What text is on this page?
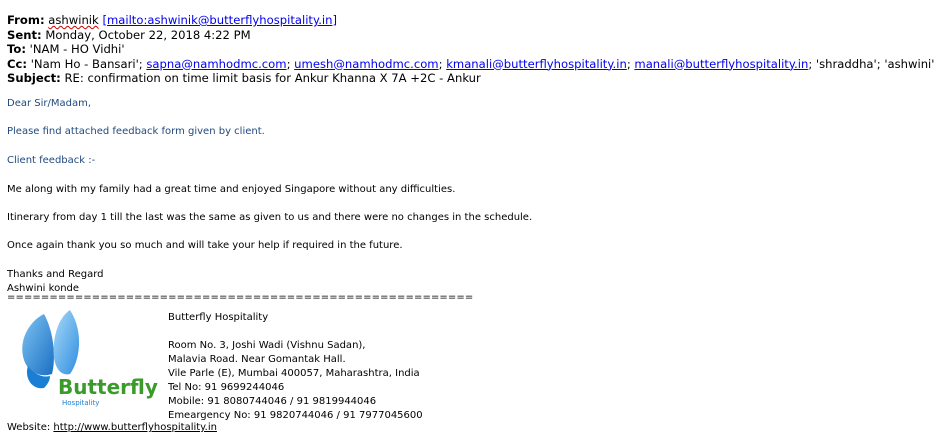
From: ashwinik [mailto:ashwinik@butterflyhospitality.in]
Sent: Monday, October 22, 2018 4:22 PM
To: 'NAM - HO Vidhi'
Cc: 'Nam Ho - Bansari'; sapna@namhodmc.com; umesh@namhodmc.com; kmanali@butterflyhospitality.in; manali@butterflyhospitality.in; 'shraddha'; 'ashwini'
Subject: RE: confirmation on time limit basis for Ankur Khanna X 7A +2C - Ankur
Dear Sir/Madam,
Please find attached feedback form given by client.
Client feedback :-
Me along with my family had a great time and enjoyed Singapore without any difficulties.
Itinerary from day 1 till the last was the same as given to us and there were no changes in the schedule.
Once again thank you so much and will take your help if required in the future.
Thanks and Regard
Ashwini konde
=======================================================
Butterfly
Hospitality
Butterfly Hospitality
Room No. 3, Joshi Wadi (Vishnu Sadan),
Malavia Road. Near Gomantak Hall.
Vile Parle (E), Mumbai 400057, Maharashtra, India
Tel No: 91 9699244046
Mobile: 91 8080744046 / 91 9819944046
Emeargency No: 91 9820744046 / 91 7977045600
Website: http://www.butterflyhospitality.in
